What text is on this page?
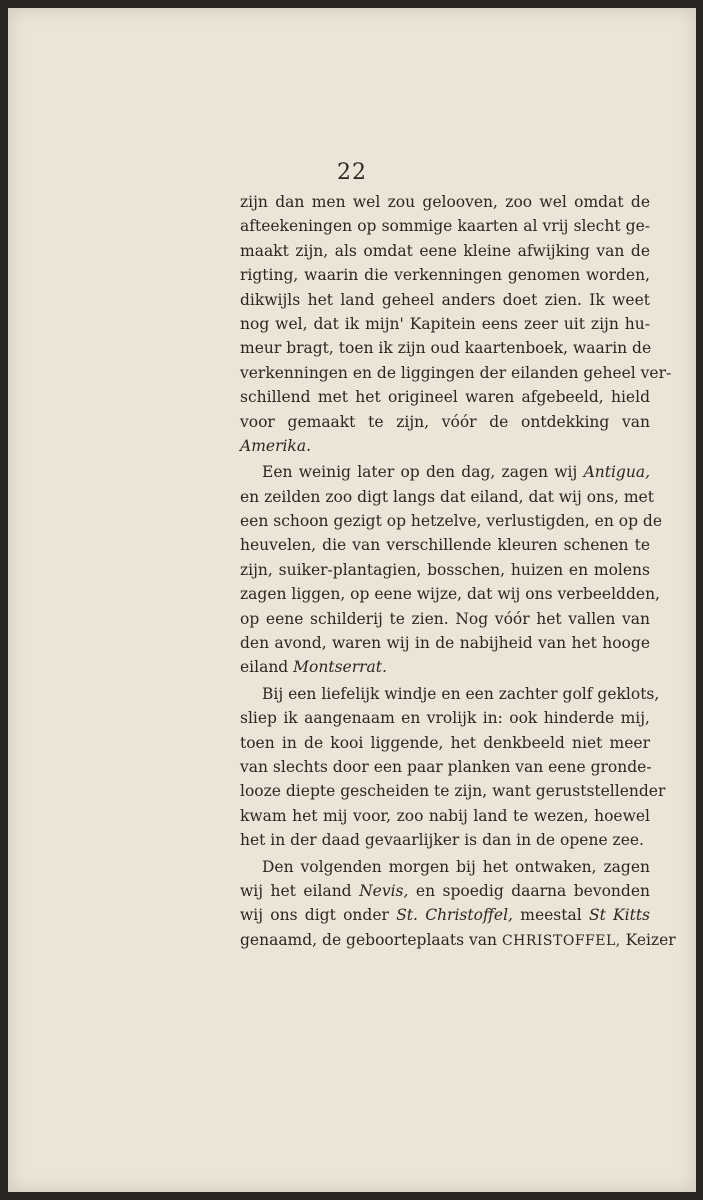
22
zijn dan men wel zou gelooven, zoo wel omdat de
afteekeningen op sommige kaarten al vrij slecht ge-
maakt zijn, als omdat eene kleine afwijking van de
rigting, waarin die verkenningen genomen worden,
dikwijls het land geheel anders doet zien. Ik weet
nog wel, dat ik mijn' Kapitein eens zeer uit zijn hu-
meur bragt, toen ik zijn oud kaartenboek, waarin de
verkenningen en de liggingen der eilanden geheel ver-
schillend met het origineel waren afgebeeld, hield
voor gemaakt te zijn, vóór de ontdekking van
Amerika.
Een weinig later op den dag, zagen wij Antigua,
en zeilden zoo digt langs dat eiland, dat wij ons, met
een schoon gezigt op hetzelve, verlustigden, en op de
heuvelen, die van verschillende kleuren schenen te
zijn, suiker-plantagien, bosschen, huizen en molens
zagen liggen, op eene wijze, dat wij ons verbeeldden,
op eene schilderij te zien. Nog vóór het vallen van
den avond, waren wij in de nabijheid van het hooge
eiland Montserrat.
Bij een liefelijk windje en een zachter golf geklots,
sliep ik aangenaam en vrolijk in: ook hinderde mij,
toen in de kooi liggende, het denkbeeld niet meer
van slechts door een paar planken van eene gronde-
looze diepte gescheiden te zijn, want geruststellender
kwam het mij voor, zoo nabij land te wezen, hoewel
het in der daad gevaarlijker is dan in de opene zee.
Den volgenden morgen bij het ontwaken, zagen
wij het eiland Nevis, en spoedig daarna bevonden
wij ons digt onder St. Christoffel, meestal St Kitts
genaamd, de geboorteplaats van CHRISTOFFEL, Keizer
